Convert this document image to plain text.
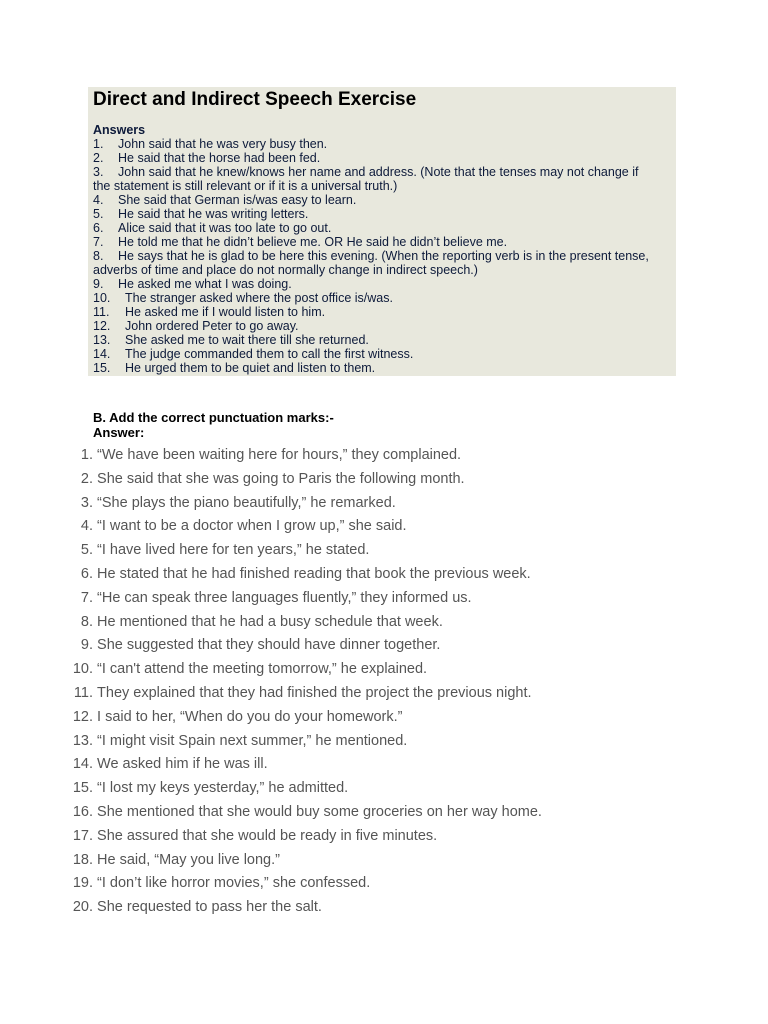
Direct and Indirect Speech Exercise
Answers
1. John said that he was very busy then.
2. He said that the horse had been fed.
3. John said that he knew/knows her name and address. (Note that the tenses may not change if
the statement is still relevant or if it is a universal truth.)
4. She said that German is/was easy to learn.
5. He said that he was writing letters.
6. Alice said that it was too late to go out.
7. He told me that he didn’t believe me. OR He said he didn’t believe me.
8. He says that he is glad to be here this evening. (When the reporting verb is in the present tense,
adverbs of time and place do not normally change in indirect speech.)
9. He asked me what I was doing.
10. The stranger asked where the post office is/was.
11. He asked me if I would listen to him.
12. John ordered Peter to go away.
13. She asked me to wait there till she returned.
14. The judge commanded them to call the first witness.
15. He urged them to be quiet and listen to them.
B. Add the correct punctuation marks:-
Answer:
1. “We have been waiting here for hours,” they complained.
2. She said that she was going to Paris the following month.
3. “She plays the piano beautifully,” he remarked.
4. “I want to be a doctor when I grow up,” she said.
5. “I have lived here for ten years,” he stated.
6. He stated that he had finished reading that book the previous week.
7. “He can speak three languages fluently,” they informed us.
8. He mentioned that he had a busy schedule that week.
9. She suggested that they should have dinner together.
10. “I can't attend the meeting tomorrow,” he explained.
11. They explained that they had finished the project the previous night.
12. I said to her, “When do you do your homework.”
13. “I might visit Spain next summer,” he mentioned.
14. We asked him if he was ill.
15. “I lost my keys yesterday,” he admitted.
16. She mentioned that she would buy some groceries on her way home.
17. She assured that she would be ready in five minutes.
18. He said, “May you live long.”
19. “I don’t like horror movies,” she confessed.
20. She requested to pass her the salt.
